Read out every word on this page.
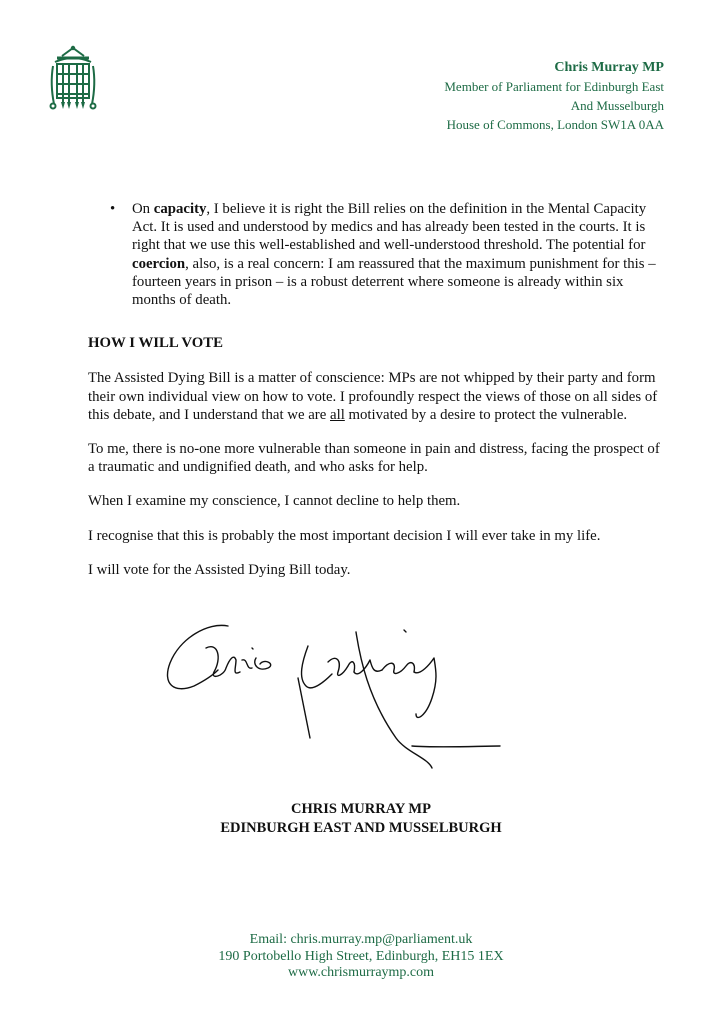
Chris Murray MP
Member of Parliament for Edinburgh East
And Musselburgh
House of Commons, London SW1A 0AA
• On capacity, I believe it is right the Bill relies on the definition in the Mental Capacity Act. It is used and understood by medics and has already been tested in the courts. It is right that we use this well-established and well-understood threshold. The potential for coercion, also, is a real concern: I am reassured that the maximum punishment for this – fourteen years in prison – is a robust deterrent where someone is already within six months of death.
HOW I WILL VOTE
The Assisted Dying Bill is a matter of conscience: MPs are not whipped by their party and form their own individual view on how to vote. I profoundly respect the views of those on all sides of this debate, and I understand that we are all motivated by a desire to protect the vulnerable.
To me, there is no-one more vulnerable than someone in pain and distress, facing the prospect of a traumatic and undignified death, and who asks for help.
When I examine my conscience, I cannot decline to help them.
I recognise that this is probably the most important decision I will ever take in my life.
I will vote for the Assisted Dying Bill today.
CHRIS MURRAY MP
EDINBURGH EAST AND MUSSELBURGH
Email: chris.murray.mp@parliament.uk
190 Portobello High Street, Edinburgh, EH15 1EX
www.chrismurraymp.com
